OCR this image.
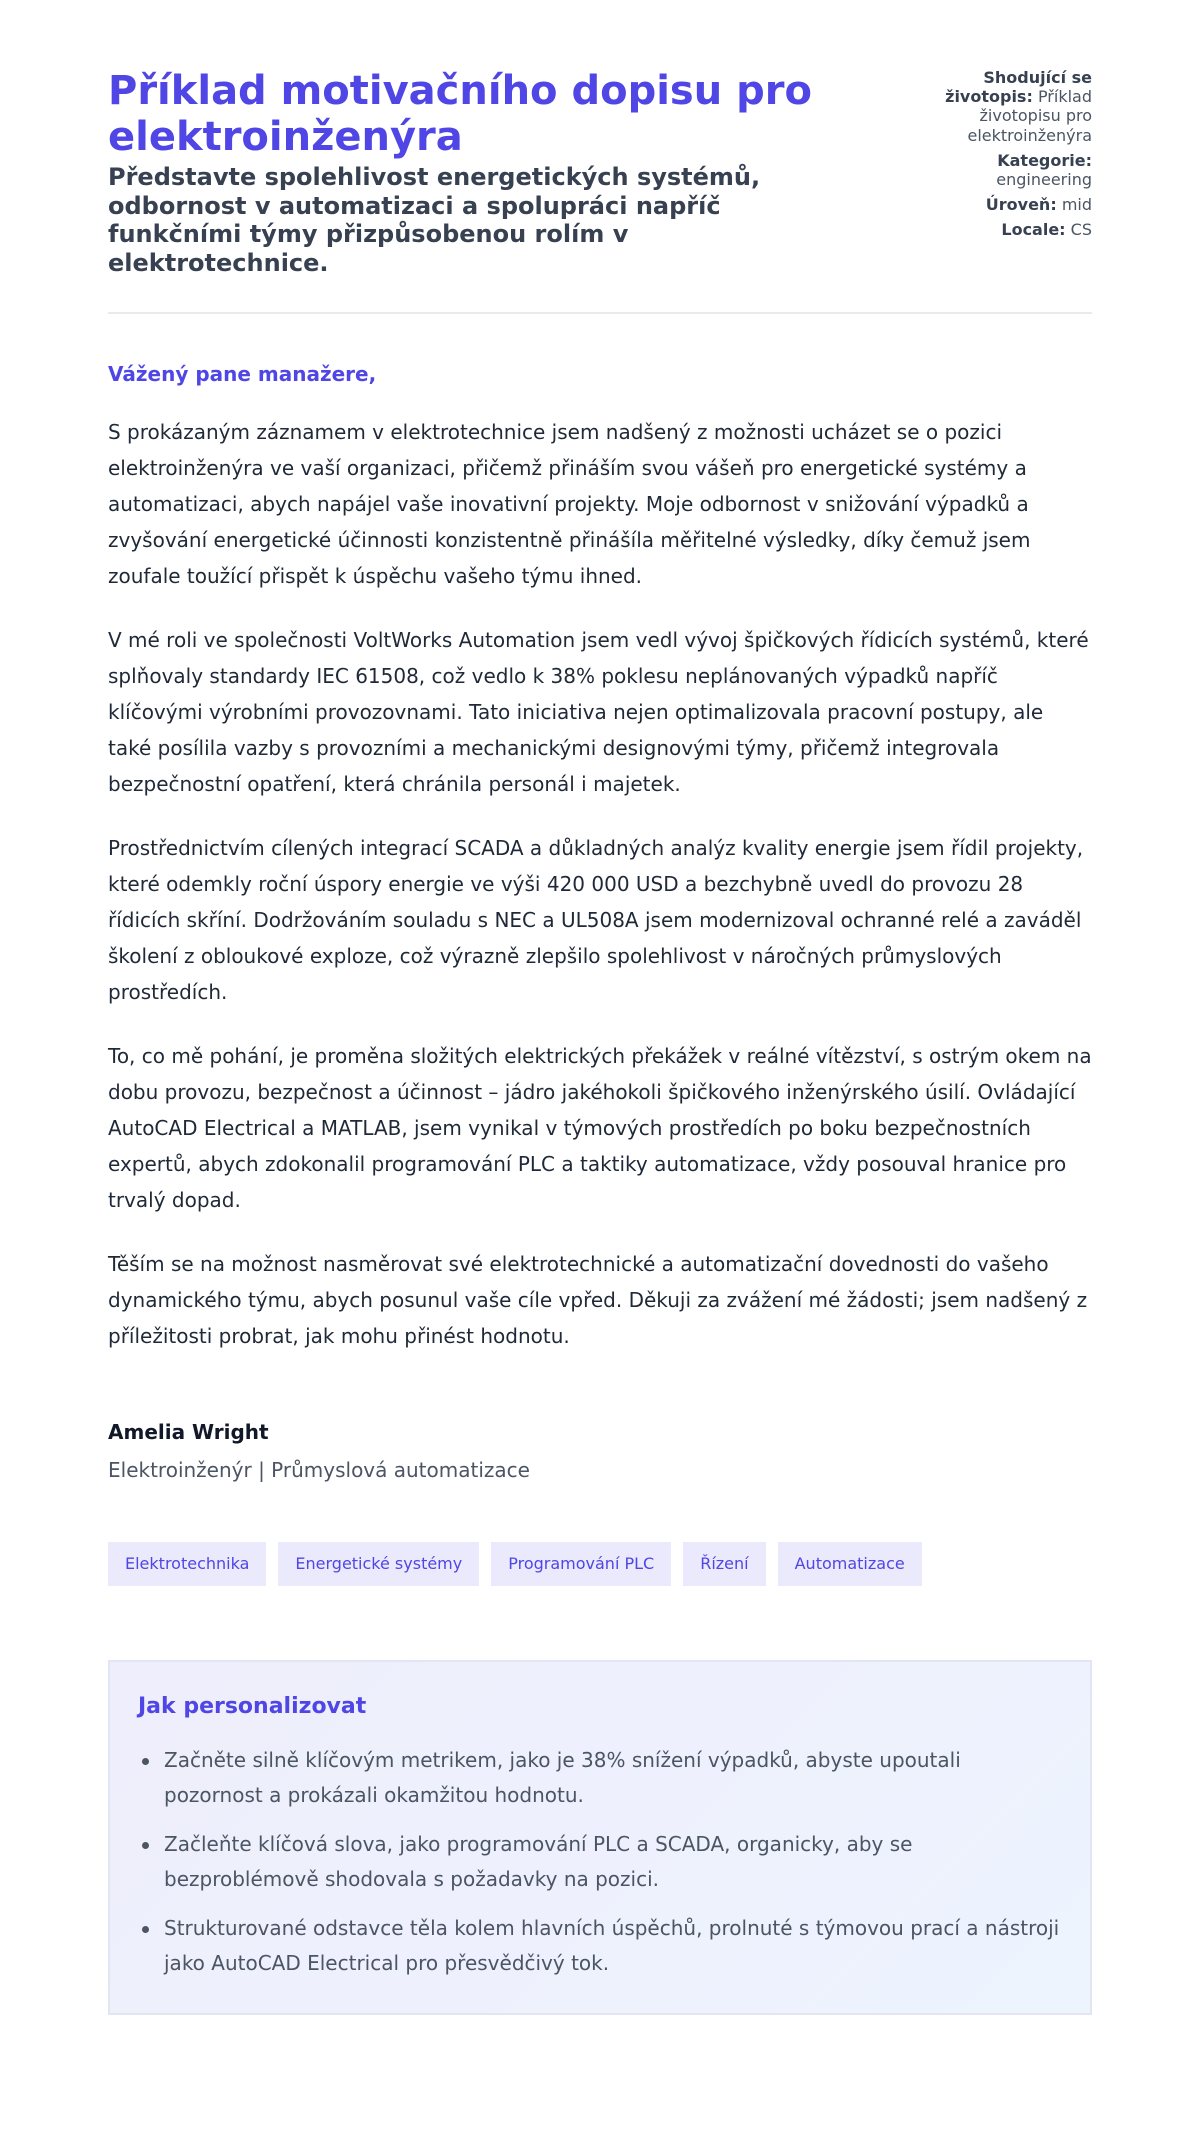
Příklad motivačního dopisu pro elektroinženýra
Představte spolehlivost energetických systémů, odbornost v automatizaci a spolupráci napříč funkčními týmy přizpůsobenou rolím v elektrotechnice.
Shodující se životopis: Příklad životopisu pro elektroinženýra
Kategorie: engineering
Úroveň: mid
Locale: CS

Vážený pane manažere,

S prokázaným záznamem v elektrotechnice jsem nadšený z možnosti ucházet se o pozici elektroinženýra ve vaší organizaci, přičemž přináším svou vášeň pro energetické systémy a automatizaci, abych napájel vaše inovativní projekty. Moje odbornost v snižování výpadků a zvyšování energetické účinnosti konzistentně přinášíla měřitelné výsledky, díky čemuž jsem zoufale toužící přispět k úspěchu vašeho týmu ihned.

V mé roli ve společnosti VoltWorks Automation jsem vedl vývoj špičkových řídicích systémů, které splňovaly standardy IEC 61508, což vedlo k 38% poklesu neplánovaných výpadků napříč klíčovými výrobními provozovnami. Tato iniciativa nejen optimalizovala pracovní postupy, ale také posílila vazby s provozními a mechanickými designovými týmy, přičemž integrovala bezpečnostní opatření, která chránila personál i majetek.

Prostřednictvím cílených integrací SCADA a důkladných analýz kvality energie jsem řídil projekty, které odemkly roční úspory energie ve výši 420 000 USD a bezchybně uvedl do provozu 28 řídicích skříní. Dodržováním souladu s NEC a UL508A jsem modernizoval ochranné relé a zaváděl školení z obloukové exploze, což výrazně zlepšilo spolehlivost v náročných průmyslových prostředích.

To, co mě pohání, je proměna složitých elektrických překážek v reálné vítězství, s ostrým okem na dobu provozu, bezpečnost a účinnost – jádro jakéhokoli špičkového inženýrského úsilí. Ovládající AutoCAD Electrical a MATLAB, jsem vynikal v týmových prostředích po boku bezpečnostních expertů, abych zdokonalil programování PLC a taktiky automatizace, vždy posouval hranice pro trvalý dopad.

Těším se na možnost nasměrovat své elektrotechnické a automatizační dovednosti do vašeho dynamického týmu, abych posunul vaše cíle vpřed. Děkuji za zvážení mé žádosti; jsem nadšený z příležitosti probrat, jak mohu přinést hodnotu.

Amelia Wright
Elektroinženýr | Průmyslová automatizace
Elektrotechnika	Energetické systémy	Programování PLC	Řízení	Automatizace
Jak personalizovat
Začněte silně klíčovým metrikem, jako je 38% snížení výpadků, abyste upoutali pozornost a prokázali okamžitou hodnotu.
Začleňte klíčová slova, jako programování PLC a SCADA, organicky, aby se bezproblémově shodovala s požadavky na pozici.
Strukturované odstavce těla kolem hlavních úspěchů, prolnuté s týmovou prací a nástroji jako AutoCAD Electrical pro přesvědčivý tok.
